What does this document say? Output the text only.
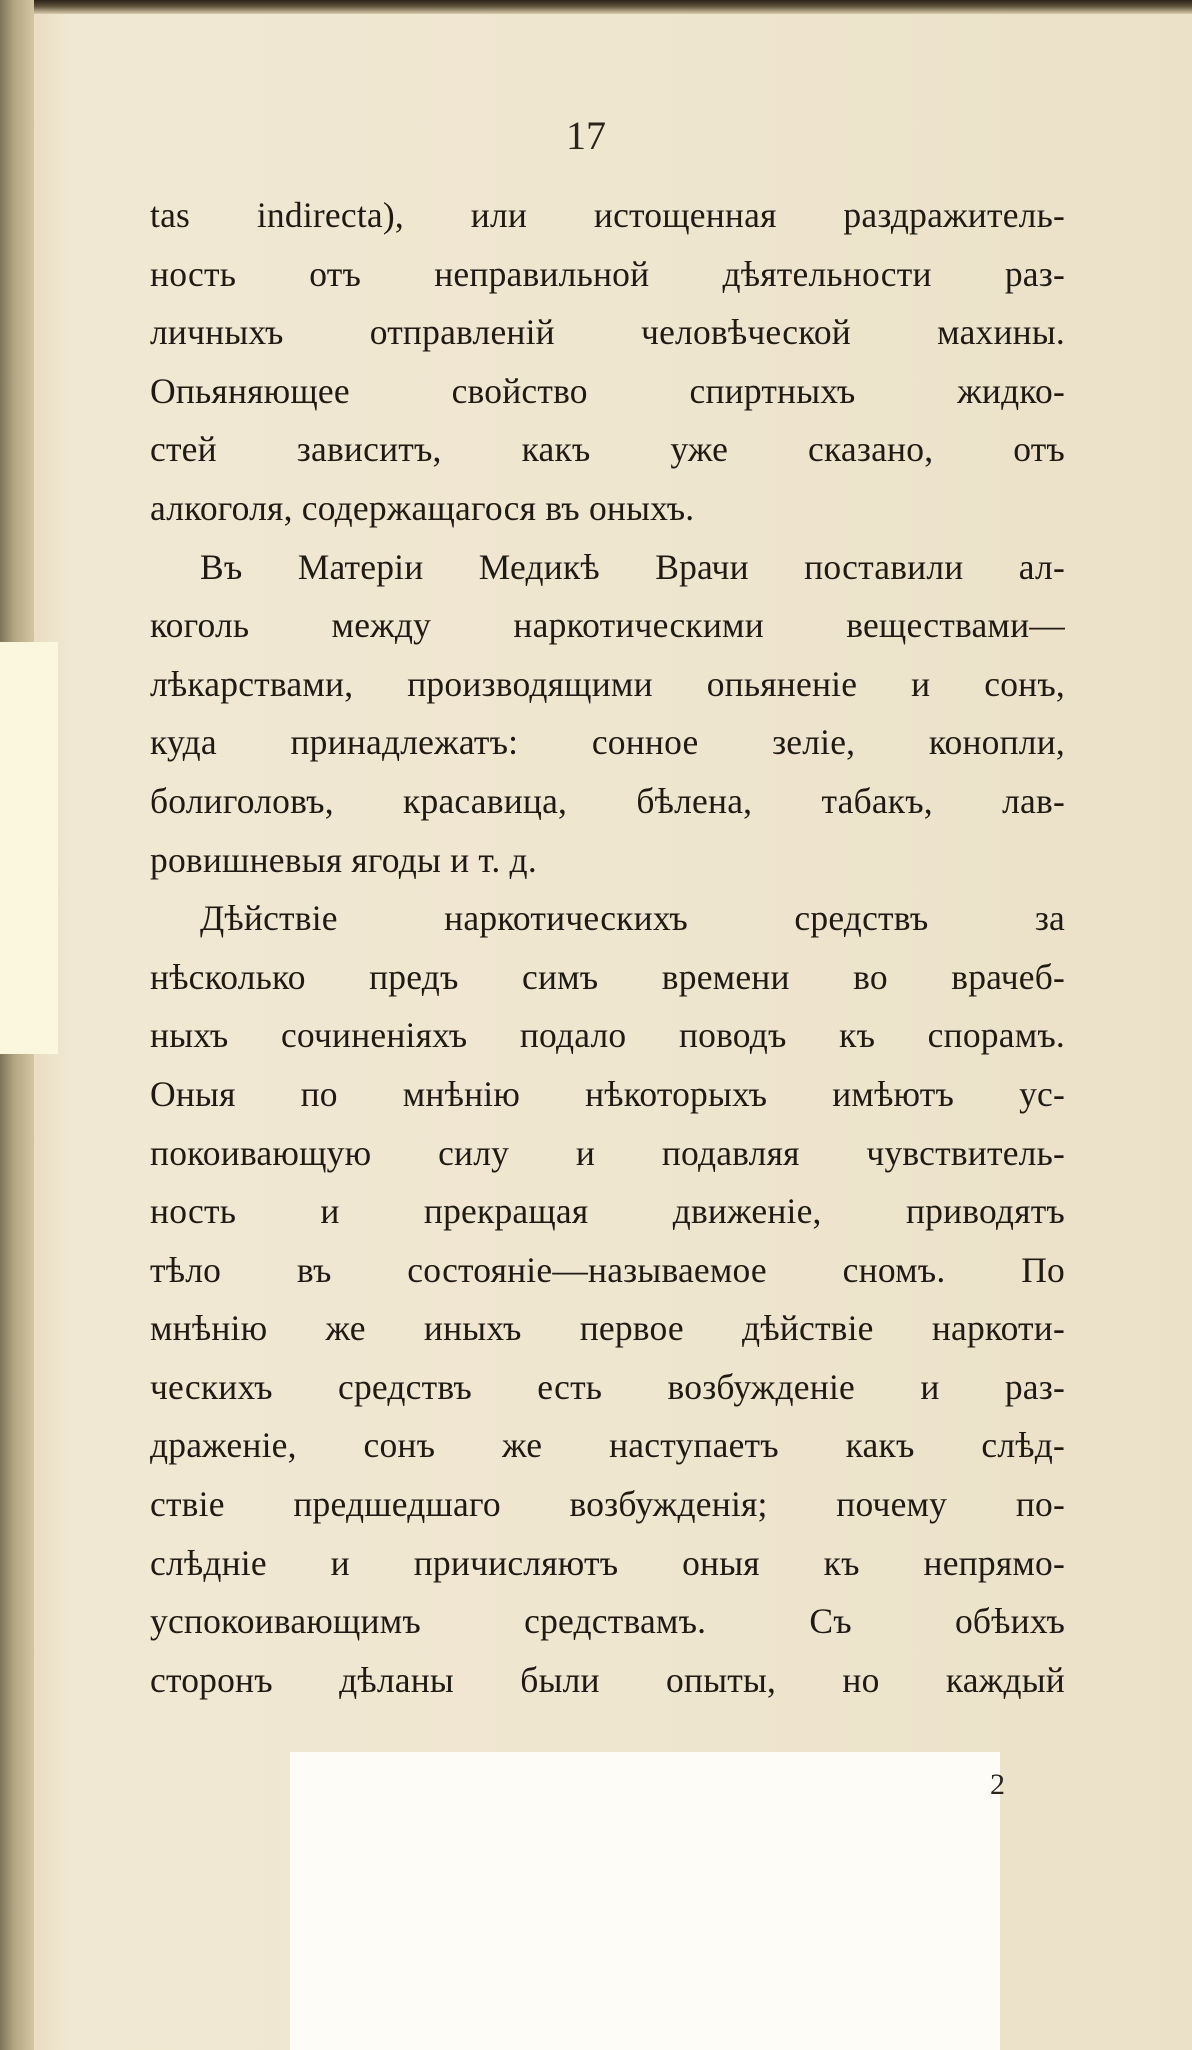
17
tas indirecta), или истощенная раздражитель-
ность отъ неправильной дѣятельности раз-
личныхъ отправленій человѣческой махины.
Опьяняющее свойство спиртныхъ жидко-
стей зависитъ, какъ уже сказано, отъ
алкоголя, содержащагося въ оныхъ.
Въ Матеріи Медикѣ Врачи поставили ал-
коголь между наркотическими веществами—
лѣкарствами, производящими опьяненіе и сонъ,
куда принадлежатъ: сонное зеліе, конопли,
болиголовъ, красавица, бѣлена, табакъ, лав-
ровишневыя ягоды и т. д.
Дѣйствіе наркотическихъ средствъ за
нѣсколько предъ симъ времени во врачеб-
ныхъ сочиненіяхъ подало поводъ къ спорамъ.
Оныя по мнѣнію нѣкоторыхъ имѣютъ ус-
покоивающую силу и подавляя чувствитель-
ность и прекращая движеніе, приводятъ
тѣло въ состояніе—называемое сномъ. По
мнѣнію же иныхъ первое дѣйствіе наркоти-
ческихъ средствъ есть возбужденіе и раз-
драженіе, сонъ же наступаетъ какъ слѣд-
ствіе предшедшаго возбужденія; почему по-
слѣдніе и причисляютъ оныя къ непрямо-
успокоивающимъ средствамъ. Съ обѣихъ
сторонъ дѣланы были опыты, но каждый
2
